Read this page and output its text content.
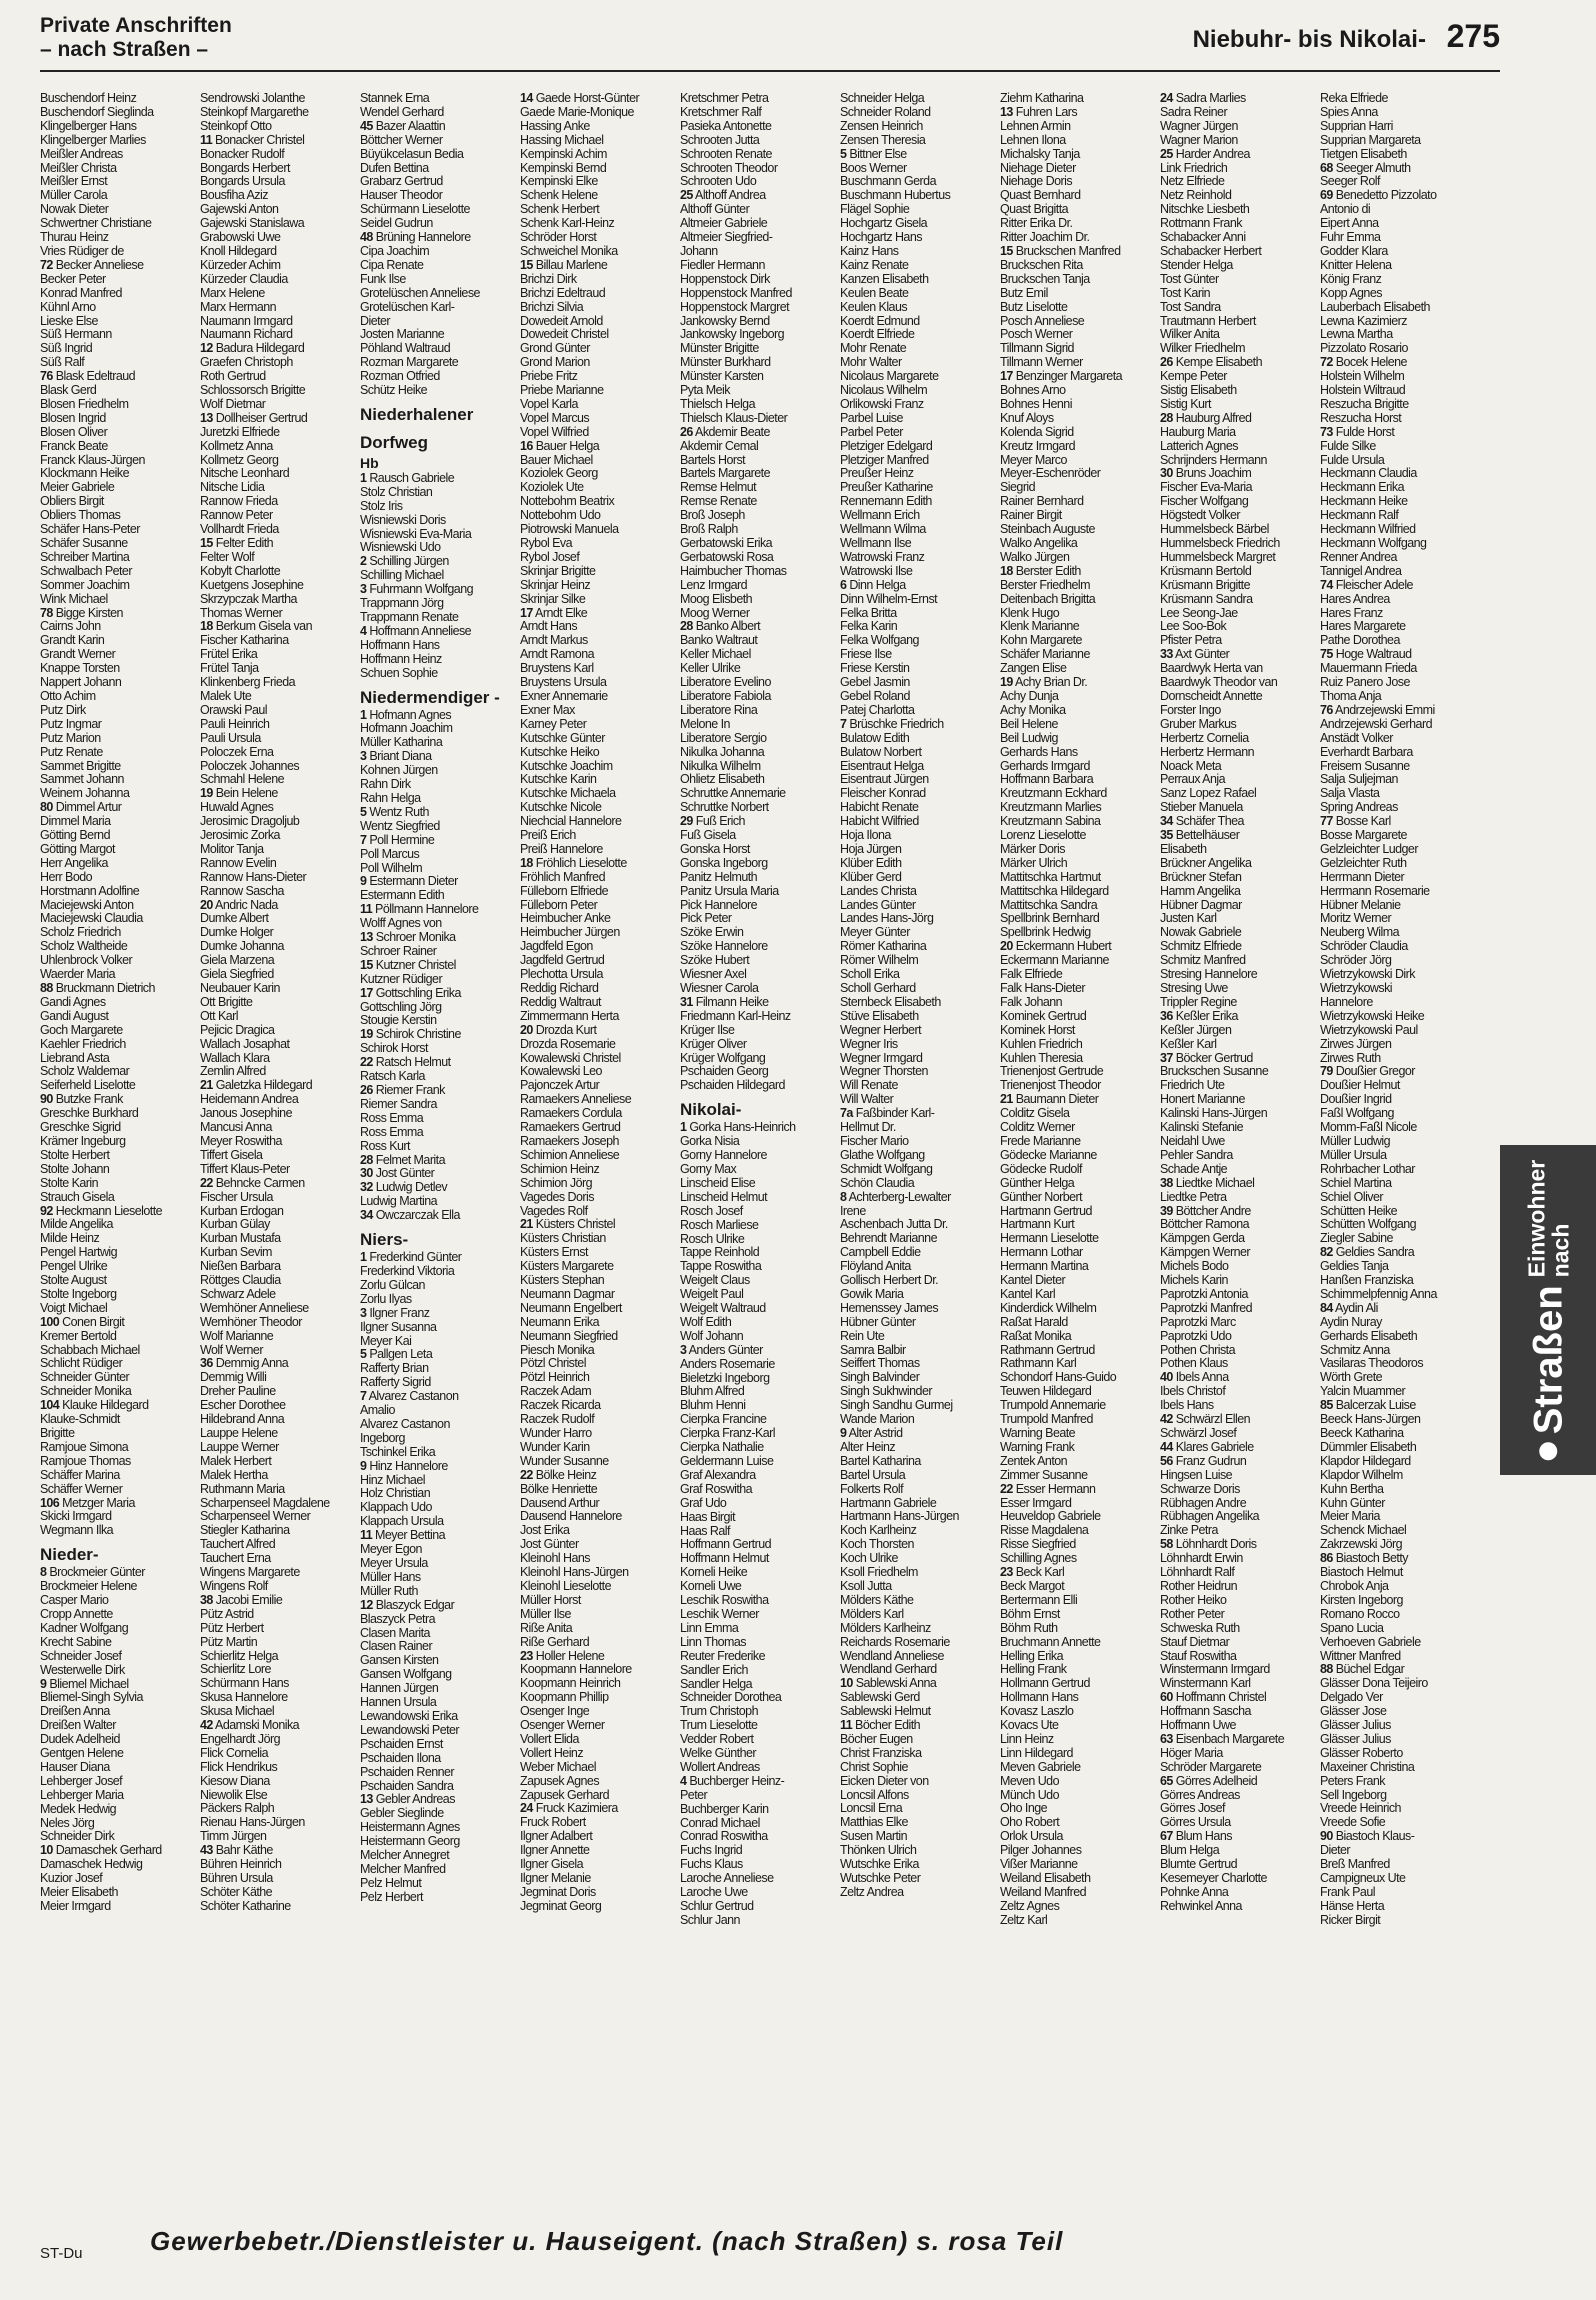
Private Anschriften
– nach Straßen –	Niebuhr- bis Nikolai- 275
Buschendorf Heinz
Buschendorf Sieglinda
Klingelberger Hans
Klingelberger Marlies
Meißler Andreas
Meißler Christa
Meißler Ernst
Müller Carola
Nowak Dieter
Schwertner Christiane
Thurau Heinz
Vries Rüdiger de
72 Becker Anneliese
Becker Peter
Konrad Manfred
Kühnl Arno
Lieske Else
Süß Hermann
Süß Ingrid
Süß Ralf
76 Blask Edeltraud
Blask Gerd
Blosen Friedhelm
Blosen Ingrid
Blosen Oliver
Franck Beate
Franck Klaus-Jürgen
Klockmann Heike
Meier Gabriele
Obliers Birgit
Obliers Thomas
Schäfer Hans-Peter
Schäfer Susanne
Schreiber Martina
Schwalbach Peter
Sommer Joachim
Wink Michael
78 Bigge Kirsten
Cairns John
Grandt Karin
Grandt Werner
Knappe Torsten
Nappert Johann
Otto Achim
Putz Dirk
Putz Ingmar
Putz Marion
Putz Renate
Sammet Brigitte
Sammet Johann
Weinem Johanna
80 Dimmel Artur
Dimmel Maria
Götting Bernd
Götting Margot
Herr Angelika
Herr Bodo
Horstmann Adolfine
Maciejewski Anton
Maciejewski Claudia
Scholz Friedrich
Scholz Waltheide
Uhlenbrock Volker
Waerder Maria
88 Bruckmann Dietrich
Gandi Agnes
Gandi August
Goch Margarete
Kaehler Friedrich
Liebrand Asta
Scholz Waldemar
Seiferheld Liselotte
90 Butzke Frank
Greschke Burkhard
Greschke Sigrid
Krämer Ingeburg
Stolte Herbert
Stolte Johann
Stolte Karin
Strauch Gisela
92 Heckmann Lieselotte
Milde Angelika
Milde Heinz
Pengel Hartwig
Pengel Ulrike
Stolte August
Stolte Ingeborg
Voigt Michael
100 Conen Birgit
Kremer Bertold
Schabbach Michael
Schlicht Rüdiger
Schneider Günter
Schneider Monika
104 Klauke Hildegard
Klauke-Schmidt
Brigitte
Ramjoue Simona
Ramjoue Thomas
Schäffer Marina
Schäffer Werner
106 Metzger Maria
Skicki Irmgard
Wegmann Ilka
Nieder-
8 Brockmeier Günter
Brockmeier Helene
Casper Mario
Cropp Annette
Kadner Wolfgang
Krecht Sabine
Schneider Josef
Westerwelle Dirk
9 Bliemel Michael
Bliemel-Singh Sylvia
Dreißen Anna
Dreißen Walter
Dudek Adelheid
Gentgen Helene
Hauser Diana
Lehberger Josef
Lehberger Maria
Medek Hedwig
Neles Jörg
Schneider Dirk
10 Damaschek Gerhard
Damaschek Hedwig
Kuzior Josef
Meier Elisabeth
Meier Irmgard
Sendrowski Jolanthe
Steinkopf Margarethe
Steinkopf Otto
11 Bonacker Christel
Bonacker Rudolf
Bongards Herbert
Bongards Ursula
Bousfiha Aziz
Gajewski Anton
Gajewski Stanislawa
Grabowski Uwe
Knoll Hildegard
Kürzeder Achim
Kürzeder Claudia
Marx Helene
Marx Hermann
Naumann Irmgard
Naumann Richard
12 Badura Hildegard
Graefen Christoph
Roth Gertrud
Schlossorsch Brigitte
Wolf Dietmar
13 Dollheiser Gertrud
Juretzki Elfriede
Kollmetz Anna
Kollmetz Georg
Nitsche Leonhard
Nitsche Lidia
Rannow Frieda
Rannow Peter
Vollhardt Frieda
15 Felter Edith
Felter Wolf
Kobylt Charlotte
Kuetgens Josephine
Skrzypczak Martha
Thomas Werner
18 Berkum Gisela van
Fischer Katharina
Frütel Erika
Frütel Tanja
Klinkenberg Frieda
Malek Ute
Orawski Paul
Pauli Heinrich
Pauli Ursula
Poloczek Erna
Poloczek Johannes
Schmahl Helene
19 Bein Helene
Huwald Agnes
Jerosimic Dragoljub
Jerosimic Zorka
Molitor Tanja
Rannow Evelin
Rannow Hans-Dieter
Rannow Sascha
20 Andric Nada
Dumke Albert
Dumke Holger
Dumke Johanna
Giela Marzena
Giela Siegfried
Neubauer Karin
Ott Brigitte
Ott Karl
Pejicic Dragica
Wallach Josaphat
Wallach Klara
Zemlin Alfred
21 Galetzka Hildegard
Heidemann Andrea
Janous Josephine
Mancusi Anna
Meyer Roswitha
Tiffert Gisela
Tiffert Klaus-Peter
22 Behncke Carmen
Fischer Ursula
Kurban Erdogan
Kurban Gülay
Kurban Mustafa
Kurban Sevim
Nießen Barbara
Röttges Claudia
Schwarz Adele
Wemhöner Anneliese
Wemhöner Theodor
Wolf Marianne
Wolf Werner
36 Demmig Anna
Demmig Willi
Dreher Pauline
Escher Dorothee
Hildebrand Anna
Lauppe Helene
Lauppe Werner
Malek Herbert
Malek Hertha
Ruthmann Maria
Scharpenseel Magdalene
Scharpenseel Werner
Stiegler Katharina
Tauchert Alfred
Tauchert Erna
Wingens Margarete
Wingens Rolf
38 Jacobi Emilie
Pütz Astrid
Pütz Herbert
Pütz Martin
Schierlitz Helga
Schierlitz Lore
Schürmann Hans
Skusa Hannelore
Skusa Michael
42 Adamski Monika
Engelhardt Jörg
Flick Cornelia
Flick Hendrikus
Kiesow Diana
Niewolik Else
Päckers Ralph
Rienau Hans-Jürgen
Timm Jürgen
43 Bahr Käthe
Bühren Heinrich
Bühren Ursula
Schöter Käthe
Schöter Katharine
Stannek Erna
Wendel Gerhard
45 Bazer Alaattin
Böttcher Werner
Büyükcelasun Bedia
Dufen Bettina
Grabarz Gertrud
Hauser Theodor
Schürmann Lieselotte
Seidel Gudrun
48 Brüning Hannelore
Cipa Joachim
Cipa Renate
Funk Ilse
Grotelüschen Anneliese
Grotelüschen Karl-
Dieter
Josten Marianne
Pöhland Waltraud
Rozman Margarete
Rozman Otfried
Schütz Heike
Niederhalener
Dorfweg
Hb
1 Rausch Gabriele
Stolz Christian
Stolz Iris
Wisniewski Doris
Wisniewski Eva-Maria
Wisniewski Udo
2 Schilling Jürgen
Schilling Michael
3 Fuhrmann Wolfgang
Trappmann Jörg
Trappmann Renate
4 Hoffmann Anneliese
Hoffmann Hans
Hoffmann Heinz
Schuen Sophie
Niedermendiger -
1 Hofmann Agnes
Hofmann Joachim
Müller Katharina
3 Briant Diana
Kohnen Jürgen
Rahn Dirk
Rahn Helga
5 Wentz Ruth
Wentz Siegfried
7 Poll Hermine
Poll Marcus
Poll Wilhelm
9 Estermann Dieter
Estermann Edith
11 Pöllmann Hannelore
Wolff Agnes von
13 Schroer Monika
Schroer Rainer
15 Kutzner Christel
Kutzner Rüdiger
17 Gottschling Erika
Gottschling Jörg
Stougie Kerstin
19 Schirok Christine
Schirok Horst
22 Ratsch Helmut
Ratsch Karla
26 Riemer Frank
Riemer Sandra
Ross Emma
Ross Emma
Ross Kurt
28 Felmet Marita
30 Jost Günter
32 Ludwig Detlev
Ludwig Martina
34 Owczarczak Ella
Niers-
1 Frederkind Günter
Frederkind Viktoria
Zorlu Gülcan
Zorlu Ilyas
3 Ilgner Franz
Ilgner Susanna
Meyer Kai
5 Pallgen Leta
Rafferty Brian
Rafferty Sigrid
7 Alvarez Castanon
Amalio
Alvarez Castanon
Ingeborg
Tschinkel Erika
9 Hinz Hannelore
Hinz Michael
Holz Christian
Klappach Udo
Klappach Ursula
11 Meyer Bettina
Meyer Egon
Meyer Ursula
Müller Hans
Müller Ruth
12 Blaszyck Edgar
Blaszyck Petra
Clasen Marita
Clasen Rainer
Gansen Kirsten
Gansen Wolfgang
Hannen Jürgen
Hannen Ursula
Lewandowski Erika
Lewandowski Peter
Pschaiden Ernst
Pschaiden Ilona
Pschaiden Renner
Pschaiden Sandra
13 Gebler Andreas
Gebler Sieglinde
Heistermann Agnes
Heistermann Georg
Melcher Annegret
Melcher Manfred
Pelz Helmut
Pelz Herbert
14 Gaede Horst-Günter
Gaede Marie-Monique
Hassing Anke
Hassing Michael
Kempinski Achim
Kempinski Bernd
Kempinski Elke
Schenk Helene
Schenk Herbert
Schenk Karl-Heinz
Schröder Horst
Schweichel Monika
15 Billau Marlene
Brichzi Dirk
Brichzi Edeltraud
Brichzi Silvia
Dowedeit Arnold
Dowedeit Christel
Grond Günter
Grond Marion
Priebe Fritz
Priebe Marianne
Vopel Karla
Vopel Marcus
Vopel Wilfried
16 Bauer Helga
Bauer Michael
Koziolek Georg
Koziolek Ute
Nottebohm Beatrix
Nottebohm Udo
Piotrowski Manuela
Rybol Eva
Rybol Josef
Skrinjar Brigitte
Skrinjar Heinz
Skrinjar Silke
17 Arndt Elke
Arndt Hans
Arndt Markus
Arndt Ramona
Bruystens Karl
Bruystens Ursula
Exner Annemarie
Exner Max
Karney Peter
Kutschke Günter
Kutschke Heiko
Kutschke Joachim
Kutschke Karin
Kutschke Michaela
Kutschke Nicole
Niechcial Hannelore
Preiß Erich
Preiß Hannelore
18 Fröhlich Lieselotte
Fröhlich Manfred
Fülleborn Elfriede
Fülleborn Peter
Heimbucher Anke
Heimbucher Jürgen
Jagdfeld Egon
Jagdfeld Gertrud
Plechotta Ursula
Reddig Richard
Reddig Waltraut
Zimmermann Herta
20 Drozda Kurt
Drozda Rosemarie
Kowalewski Christel
Kowalewski Leo
Pajonczek Artur
Ramaekers Anneliese
Ramaekers Cordula
Ramaekers Gertrud
Ramaekers Joseph
Schimion Anneliese
Schimion Heinz
Schimion Jörg
Vagedes Doris
Vagedes Rolf
21 Küsters Christel
Küsters Christian
Küsters Ernst
Küsters Margarete
Küsters Stephan
Neumann Dagmar
Neumann Engelbert
Neumann Erika
Neumann Siegfried
Piesch Monika
Pötzl Christel
Pötzl Heinrich
Raczek Adam
Raczek Ricarda
Raczek Rudolf
Wunder Harro
Wunder Karin
Wunder Susanne
22 Bölke Heinz
Bölke Henriette
Dausend Arthur
Dausend Hannelore
Jost Erika
Jost Günter
Kleinohl Hans
Kleinohl Hans-Jürgen
Kleinohl Lieselotte
Müller Horst
Müller Ilse
Riße Anita
Riße Gerhard
23 Holler Helene
Koopmann Hannelore
Koopmann Heinrich
Koopmann Phillip
Osenger Inge
Osenger Werner
Vollert Elida
Vollert Heinz
Weber Michael
Zapusek Agnes
Zapusek Gerhard
24 Fruck Kazimiera
Fruck Robert
Ilgner Adalbert
Ilgner Annette
Ilgner Gisela
Ilgner Melanie
Jegminat Doris
Jegminat Georg
Kretschmer Petra
Kretschmer Ralf
Pasieka Antonette
Schrooten Jutta
Schrooten Renate
Schrooten Theodor
Schrooten Udo
25 Althoff Andrea
Althoff Günter
Altmeier Gabriele
Altmeier Siegfried-
Johann
Fiedler Hermann
Hoppenstock Dirk
Hoppenstock Manfred
Hoppenstock Margret
Jankowsky Bernd
Jankowsky Ingeborg
Münster Brigitte
Münster Burkhard
Münster Karsten
Pyta Meik
Thielsch Helga
Thielsch Klaus-Dieter
26 Akdemir Beate
Akdemir Cemal
Bartels Horst
Bartels Margarete
Remse Helmut
Remse Renate
Broß Joseph
Broß Ralph
Gerbatowski Erika
Gerbatowski Rosa
Haimbucher Thomas
Lenz Irmgard
Moog Elisbeth
Moog Werner
28 Banko Albert
Banko Waltraut
Keller Michael
Keller Ulrike
Liberatore Evelino
Liberatore Fabiola
Liberatore Rina
Melone In
Liberatore Sergio
Nikulka Johanna
Nikulka Wilhelm
Ohlietz Elisabeth
Schruttke Annemarie
Schruttke Norbert
29 Fuß Erich
Fuß Gisela
Gonska Horst
Gonska Ingeborg
Panitz Helmuth
Panitz Ursula Maria
Pick Hannelore
Pick Peter
Szöke Erwin
Szöke Hannelore
Szöke Hubert
Wiesner Axel
Wiesner Carola
31 Filmann Heike
Friedmann Karl-Heinz
Krüger Ilse
Krüger Oliver
Krüger Wolfgang
Pschaiden Georg
Pschaiden Hildegard
Nikolai-
1 Gorka Hans-Heinrich
Gorka Nisia
Gorny Hannelore
Gorny Max
Linscheid Elise
Linscheid Helmut
Rosch Josef
Rosch Marliese
Rosch Ulrike
Tappe Reinhold
Tappe Roswitha
Weigelt Claus
Weigelt Paul
Weigelt Waltraud
Wolf Edith
Wolf Johann
3 Anders Günter
Anders Rosemarie
Bieletzki Ingeborg
Bluhm Alfred
Bluhm Henni
Cierpka Francine
Cierpka Franz-Karl
Cierpka Nathalie
Geldermann Luise
Graf Alexandra
Graf Roswitha
Graf Udo
Haas Birgit
Haas Ralf
Hoffmann Gertrud
Hoffmann Helmut
Korneli Heike
Korneli Uwe
Leschik Roswitha
Leschik Werner
Linn Emma
Linn Thomas
Reuter Frederike
Sandler Erich
Sandler Helga
Schneider Dorothea
Trum Christoph
Trum Lieselotte
Vedder Robert
Welke Günther
Wollert Andreas
4 Buchberger Heinz-
Peter
Buchberger Karin
Conrad Michael
Conrad Roswitha
Fuchs Ingrid
Fuchs Klaus
Laroche Anneliese
Laroche Uwe
Schlur Gertrud
Schlur Jann
Schneider Helga
Schneider Roland
Zensen Heinrich
Zensen Theresia
5 Bittner Else
Boos Werner
Buschmann Gerda
Buschmann Hubertus
Flägel Sophie
Hochgartz Gisela
Hochgartz Hans
Kainz Hans
Kainz Renate
Kanzen Elisabeth
Keulen Beate
Keulen Klaus
Koerdt Edmund
Koerdt Elfriede
Mohr Renate
Mohr Walter
Nicolaus Margarete
Nicolaus Wilhelm
Orlikowski Franz
Parbel Luise
Parbel Peter
Pletziger Edelgard
Pletziger Manfred
Preußer Heinz
Preußer Katharine
Rennemann Edith
Wellmann Erich
Wellmann Wilma
Wellmann Ilse
Watrowski Franz
Watrowski Ilse
6 Dinn Helga
Dinn Wilhelm-Ernst
Felka Britta
Felka Karin
Felka Wolfgang
Friese Ilse
Friese Kerstin
Gebel Jasmin
Gebel Roland
Patej Charlotta
7 Brüschke Friedrich
Bulatow Edith
Bulatow Norbert
Eisentraut Helga
Eisentraut Jürgen
Fleischer Konrad
Habicht Renate
Habicht Wilfried
Hoja Ilona
Hoja Jürgen
Klüber Edith
Klüber Gerd
Landes Christa
Landes Günter
Landes Hans-Jörg
Meyer Günter
Römer Katharina
Römer Wilhelm
Scholl Erika
Scholl Gerhard
Sternbeck Elisabeth
Stüve Elisabeth
Wegner Herbert
Wegner Iris
Wegner Irmgard
Wegner Thorsten
Will Renate
Will Walter
7a Faßbinder Karl-
Hellmut Dr.
Fischer Mario
Glathe Wolfgang
Schmidt Wolfgang
Schön Claudia
8 Achterberg-Lewalter
Irene
Aschenbach Jutta Dr.
Behrendt Marianne
Campbell Eddie
Flöyland Anita
Gollisch Herbert Dr.
Gowik Maria
Hemenssey James
Hübner Günter
Rein Ute
Samra Balbir
Seiffert Thomas
Singh Balvinder
Singh Sukhwinder
Singh Sandhu Gurmej
Wande Marion
9 Alter Astrid
Alter Heinz
Bartel Katharina
Bartel Ursula
Folkerts Rolf
Hartmann Gabriele
Hartmann Hans-Jürgen
Koch Karlheinz
Koch Thorsten
Koch Ulrike
Ksoll Friedhelm
Ksoll Jutta
Mölders Käthe
Mölders Karl
Mölders Karlheinz
Reichards Rosemarie
Wendland Anneliese
Wendland Gerhard
10 Sablewski Anna
Sablewski Gerd
Sablewski Helmut
11 Böcher Edith
Böcher Eugen
Christ Franziska
Christ Sophie
Eicken Dieter von
Loncsil Alfons
Loncsil Erna
Matthias Elke
Susen Martin
Thönken Ulrich
Wutschke Erika
Wutschke Peter
Zeltz Andrea
Ziehm Katharina
13 Fuhren Lars
Lehnen Armin
Lehnen Ilona
Michalsky Tanja
Niehage Dieter
Niehage Doris
Quast Bernhard
Quast Brigitta
Ritter Erika Dr.
Ritter Joachim Dr.
15 Bruckschen Manfred
Bruckschen Rita
Bruckschen Tanja
Butz Emil
Butz Liselotte
Posch Anneliese
Posch Werner
Tillmann Sigrid
Tillmann Werner
17 Benzinger Margareta
Bohnes Arno
Bohnes Henni
Knuf Aloys
Kolenda Sigrid
Kreutz Irmgard
Meyer Marco
Meyer-Eschenröder
Siegrid
Rainer Bernhard
Rainer Birgit
Steinbach Auguste
Walko Angelika
Walko Jürgen
18 Berster Edith
Berster Friedhelm
Deitenbach Brigitta
Klenk Hugo
Klenk Marianne
Kohn Margarete
Schäfer Marianne
Zangen Elise
19 Achy Brian Dr.
Achy Dunja
Achy Monika
Beil Helene
Beil Ludwig
Gerhards Hans
Gerhards Irmgard
Hoffmann Barbara
Kreutzmann Eckhard
Kreutzmann Marlies
Kreutzmann Sabina
Lorenz Lieselotte
Märker Doris
Märker Ulrich
Mattitschka Hartmut
Mattitschka Hildegard
Mattitschka Sandra
Spellbrink Bernhard
Spellbrink Hedwig
20 Eckermann Hubert
Eckermann Marianne
Falk Elfriede
Falk Hans-Dieter
Falk Johann
Kominek Gertrud
Kominek Horst
Kuhlen Friedrich
Kuhlen Theresia
Trienenjost Gertrude
Trienenjost Theodor
21 Baumann Dieter
Colditz Gisela
Colditz Werner
Frede Marianne
Gödecke Marianne
Gödecke Rudolf
Günther Helga
Günther Norbert
Hartmann Gertrud
Hartmann Kurt
Hermann Lieselotte
Hermann Lothar
Hermann Martina
Kantel Dieter
Kantel Karl
Kinderdick Wilhelm
Raßat Harald
Raßat Monika
Rathmann Gertrud
Rathmann Karl
Schondorf Hans-Guido
Teuwen Hildegard
Trumpold Annemarie
Trumpold Manfred
Warning Beate
Warning Frank
Zentek Anton
Zimmer Susanne
22 Esser Hermann
Esser Irmgard
Heuveldop Gabriele
Risse Magdalena
Risse Siegfried
Schilling Agnes
23 Beck Karl
Beck Margot
Bertermann Elli
Böhm Ernst
Böhm Ruth
Bruchmann Annette
Helling Erika
Helling Frank
Hollmann Gertrud
Hollmann Hans
Kovasz Laszlo
Kovacs Ute
Linn Heinz
Linn Hildegard
Meven Gabriele
Meven Udo
Münch Udo
Oho Inge
Oho Robert
Orlok Ursula
Pilger Johannes
Vißer Marianne
Weiland Elisabeth
Weiland Manfred
Zeltz Agnes
Zeltz Karl
24 Sadra Marlies
Sadra Reiner
Wagner Jürgen
Wagner Marion
25 Harder Andrea
Link Friedrich
Netz Elfriede
Netz Reinhold
Nitschke Liesbeth
Rottmann Frank
Schabacker Anni
Schabacker Herbert
Stender Helga
Tost Günter
Tost Karin
Tost Sandra
Trautmann Herbert
Wilker Anita
Wilker Friedhelm
26 Kempe Elisabeth
Kempe Peter
Sistig Elisabeth
Sistig Kurt
28 Hauburg Alfred
Hauburg Maria
Latterich Agnes
Schrijnders Hermann
30 Bruns Joachim
Fischer Eva-Maria
Fischer Wolfgang
Högstedt Volker
Hummelsbeck Bärbel
Hummelsbeck Friedrich
Hummelsbeck Margret
Krüsmann Bertold
Krüsmann Brigitte
Krüsmann Sandra
Lee Seong-Jae
Lee Soo-Bok
Pfister Petra
33 Axt Günter
Baardwyk Herta van
Baardwyk Theodor van
Dornscheidt Annette
Forster Ingo
Gruber Markus
Herbertz Cornelia
Herbertz Hermann
Noack Meta
Perraux Anja
Sanz Lopez Rafael
Stieber Manuela
34 Schäfer Thea
35 Bettelhäuser
Elisabeth
Brückner Angelika
Brückner Stefan
Hamm Angelika
Hübner Dagmar
Justen Karl
Nowak Gabriele
Schmitz Elfriede
Schmitz Manfred
Stresing Hannelore
Stresing Uwe
Trippler Regine
36 Keßler Erika
Keßler Jürgen
Keßler Karl
37 Böcker Gertrud
Bruckschen Susanne
Friedrich Ute
Honert Marianne
Kalinski Hans-Jürgen
Kalinski Stefanie
Neidahl Uwe
Pehler Sandra
Schade Antje
38 Liedtke Michael
Liedtke Petra
39 Böttcher Andre
Böttcher Ramona
Kämpgen Gerda
Kämpgen Werner
Michels Bodo
Michels Karin
Paprotzki Antonia
Paprotzki Manfred
Paprotzki Marc
Paprotzki Udo
Pothen Christa
Pothen Klaus
40 Ibels Anna
Ibels Christof
Ibels Hans
42 Schwärzl Ellen
Schwärzl Josef
44 Klares Gabriele
56 Franz Gudrun
Hingsen Luise
Schwarze Doris
Rübhagen Andre
Rübhagen Angelika
Zinke Petra
58 Löhnhardt Doris
Löhnhardt Erwin
Löhnhardt Ralf
Rother Heidrun
Rother Heiko
Rother Peter
Schweska Ruth
Stauf Dietmar
Stauf Roswitha
Winstermann Irmgard
Winstermann Karl
60 Hoffmann Christel
Hoffmann Sascha
Hoffmann Uwe
63 Eisenbach Margarete
Höger Maria
Schröder Margarete
65 Görres Adelheid
Görres Andreas
Görres Josef
Görres Ursula
67 Blum Hans
Blum Helga
Blumte Gertrud
Kesemeyer Charlotte
Pohnke Anna
Rehwinkel Anna
Reka Elfriede
Spies Anna
Supprian Harri
Supprian Margareta
Tietgen Elisabeth
68 Seeger Almuth
Seeger Rolf
69 Benedetto Pizzolato
Antonio di
Eipert Anna
Fuhr Emma
Godder Klara
Knitter Helena
König Franz
Kopp Agnes
Lauberbach Elisabeth
Lewna Kazimierz
Lewna Martha
Pizzolato Rosario
72 Bocek Helene
Holstein Wilhelm
Holstein Wiltraud
Reszucha Brigitte
Reszucha Horst
73 Fulde Horst
Fulde Silke
Fulde Ursula
Heckmann Claudia
Heckmann Erika
Heckmann Heike
Heckmann Ralf
Heckmann Wilfried
Heckmann Wolfgang
Renner Andrea
Tannigel Andrea
74 Fleischer Adele
Hares Andrea
Hares Franz
Hares Margarete
Pathe Dorothea
75 Hoge Waltraud
Mauermann Frieda
Ruiz Panero Jose
Thoma Anja
76 Andrzejewski Emmi
Andrzejewski Gerhard
Anstädt Volker
Everhardt Barbara
Freisem Susanne
Salja Suljejman
Salja Vlasta
Spring Andreas
77 Bosse Karl
Bosse Margarete
Gelzleichter Ludger
Gelzleichter Ruth
Herrmann Dieter
Herrmann Rosemarie
Hübner Melanie
Moritz Werner
Neuberg Wilma
Schröder Claudia
Schröder Jörg
Wietrzykowski Dirk
Wietrzykowski
Hannelore
Wietrzykowski Heike
Wietrzykowski Paul
Zirwes Jürgen
Zirwes Ruth
79 Doußier Gregor
Doußier Helmut
Doußier Ingrid
Faßl Wolfgang
Momm-Faßl Nicole
Müller Ludwig
Müller Ursula
Rohrbacher Lothar
Schiel Martina
Schiel Oliver
Schütten Heike
Schütten Wolfgang
Ziegler Sabine
82 Geldies Sandra
Geldies Tanja
Hanßen Franziska
Schimmelpfennig Anna
84 Aydin Ali
Aydin Nuray
Gerhards Elisabeth
Schmitz Anna
Vasilaras Theodoros
Wörth Grete
Yalcin Muammer
85 Balcerzak Luise
Beeck Hans-Jürgen
Beeck Katharina
Dümmler Elisabeth
Klapdor Hildegard
Klapdor Wilhelm
Kuhn Bertha
Kuhn Günter
Meier Maria
Schenck Michael
Zakrzewski Jörg
86 Biastoch Betty
Biastoch Helmut
Chrobok Anja
Kirsten Ingeborg
Romano Rocco
Spano Lucia
Verhoeven Gabriele
Wittner Manfred
88 Büchel Edgar
Glässer Dona Teijeiro
Delgado Ver
Glässer Jose
Glässer Julius
Glässer Julius
Glässer Roberto
Maxeiner Christina
Peters Frank
Sell Ingeborg
Vreede Heinrich
Vreede Sofie
90 Biastoch Klaus-
Dieter
Breß Manfred
Campigneux Ute
Frank Paul
Hänse Herta
Ricker Birgit
Straßen
Einwohner
nach
ST-Du	Gewerbebetr./Dienstleister u. Hauseigent. (nach Straßen) s. rosa Teil
